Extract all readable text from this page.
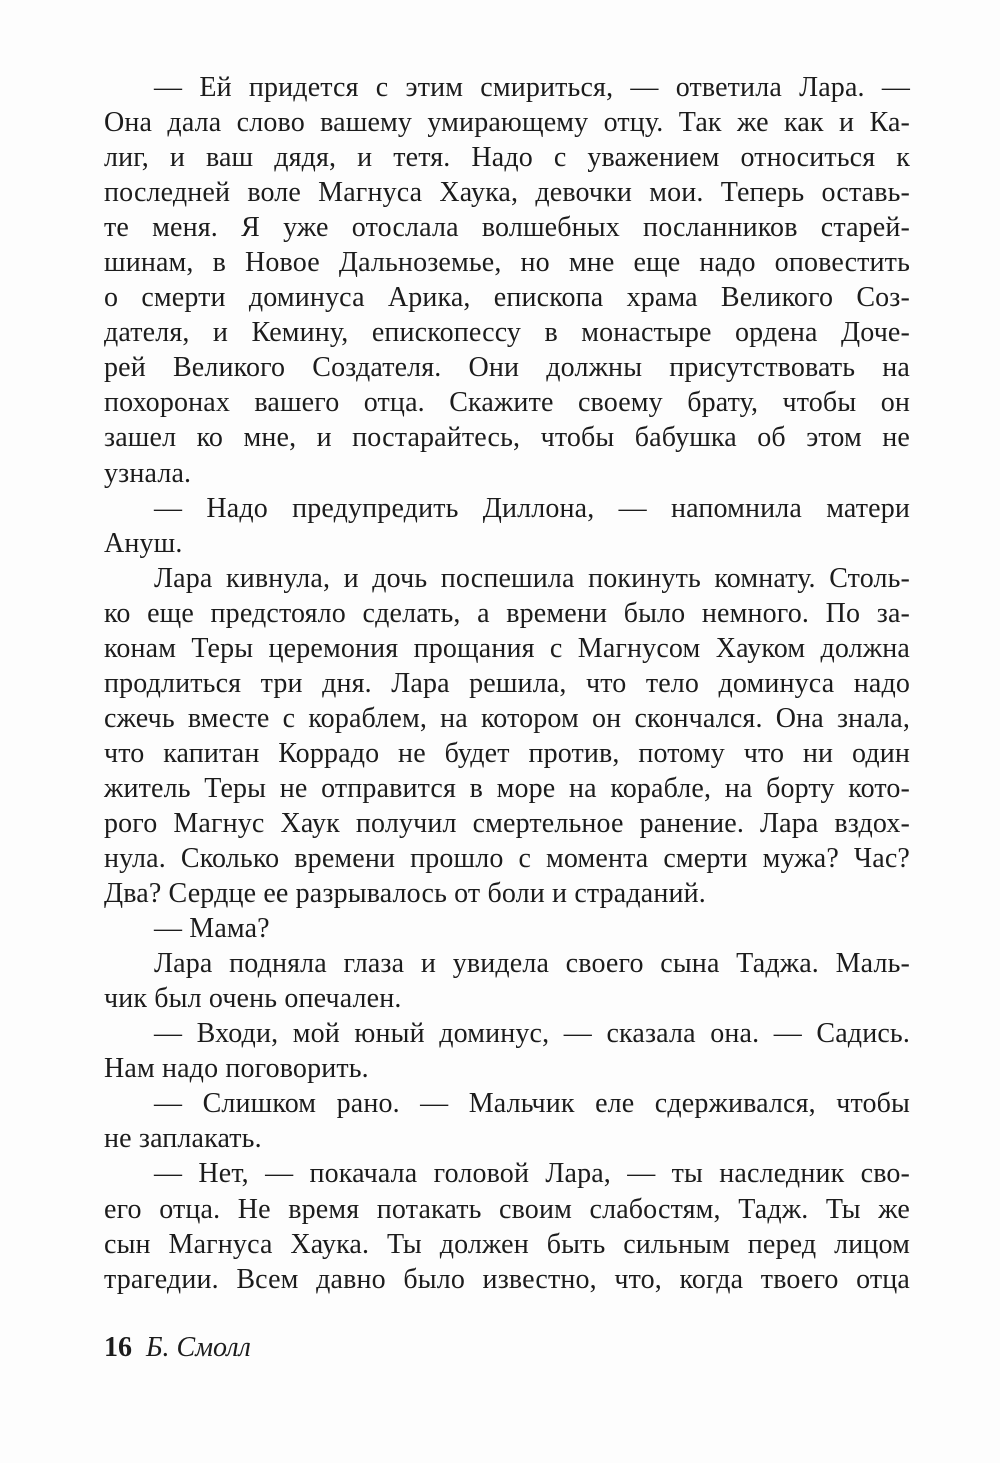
— Ей придется с этим смириться, — ответила Лара. —
Она дала слово вашему умирающему отцу. Так же как и Ка-
лиг, и ваш дядя, и тетя. Надо с уважением относиться к
последней воле Магнуса Хаука, девочки мои. Теперь оставь-
те меня. Я уже отослала волшебных посланников старей-
шинам, в Новое Дальноземье, но мне еще надо оповестить
о смерти доминуса Арика, епископа храма Великого Соз-
дателя, и Кемину, епископессу в монастыре ордена Доче-
рей Великого Создателя. Они должны присутствовать на
похоронах вашего отца. Скажите своему брату, чтобы он
зашел ко мне, и постарайтесь, чтобы бабушка об этом не
узнала.
— Надо предупредить Диллона, — напомнила матери
Ануш.
Лара кивнула, и дочь поспешила покинуть комнату. Столь-
ко еще предстояло сделать, а времени было немного. По за-
конам Теры церемония прощания с Магнусом Хауком должна
продлиться три дня. Лара решила, что тело доминуса надо
сжечь вместе с кораблем, на котором он скончался. Она знала,
что капитан Коррадо не будет против, потому что ни один
житель Теры не отправится в море на корабле, на борту кото-
рого Магнус Хаук получил смертельное ранение. Лара вздох-
нула. Сколько времени прошло с момента смерти мужа? Час?
Два? Сердце ее разрывалось от боли и страданий.
— Мама?
Лара подняла глаза и увидела своего сына Таджа. Маль-
чик был очень опечален.
— Входи, мой юный доминус, — сказала она. — Садись.
Нам надо поговорить.
— Слишком рано. — Мальчик еле сдерживался, чтобы
не заплакать.
— Нет, — покачала головой Лара, — ты наследник сво-
его отца. Не время потакать своим слабостям, Тадж. Ты же
сын Магнуса Хаука. Ты должен быть сильным перед лицом
трагедии. Всем давно было известно, что, когда твоего отца
16 Б. Смолл
